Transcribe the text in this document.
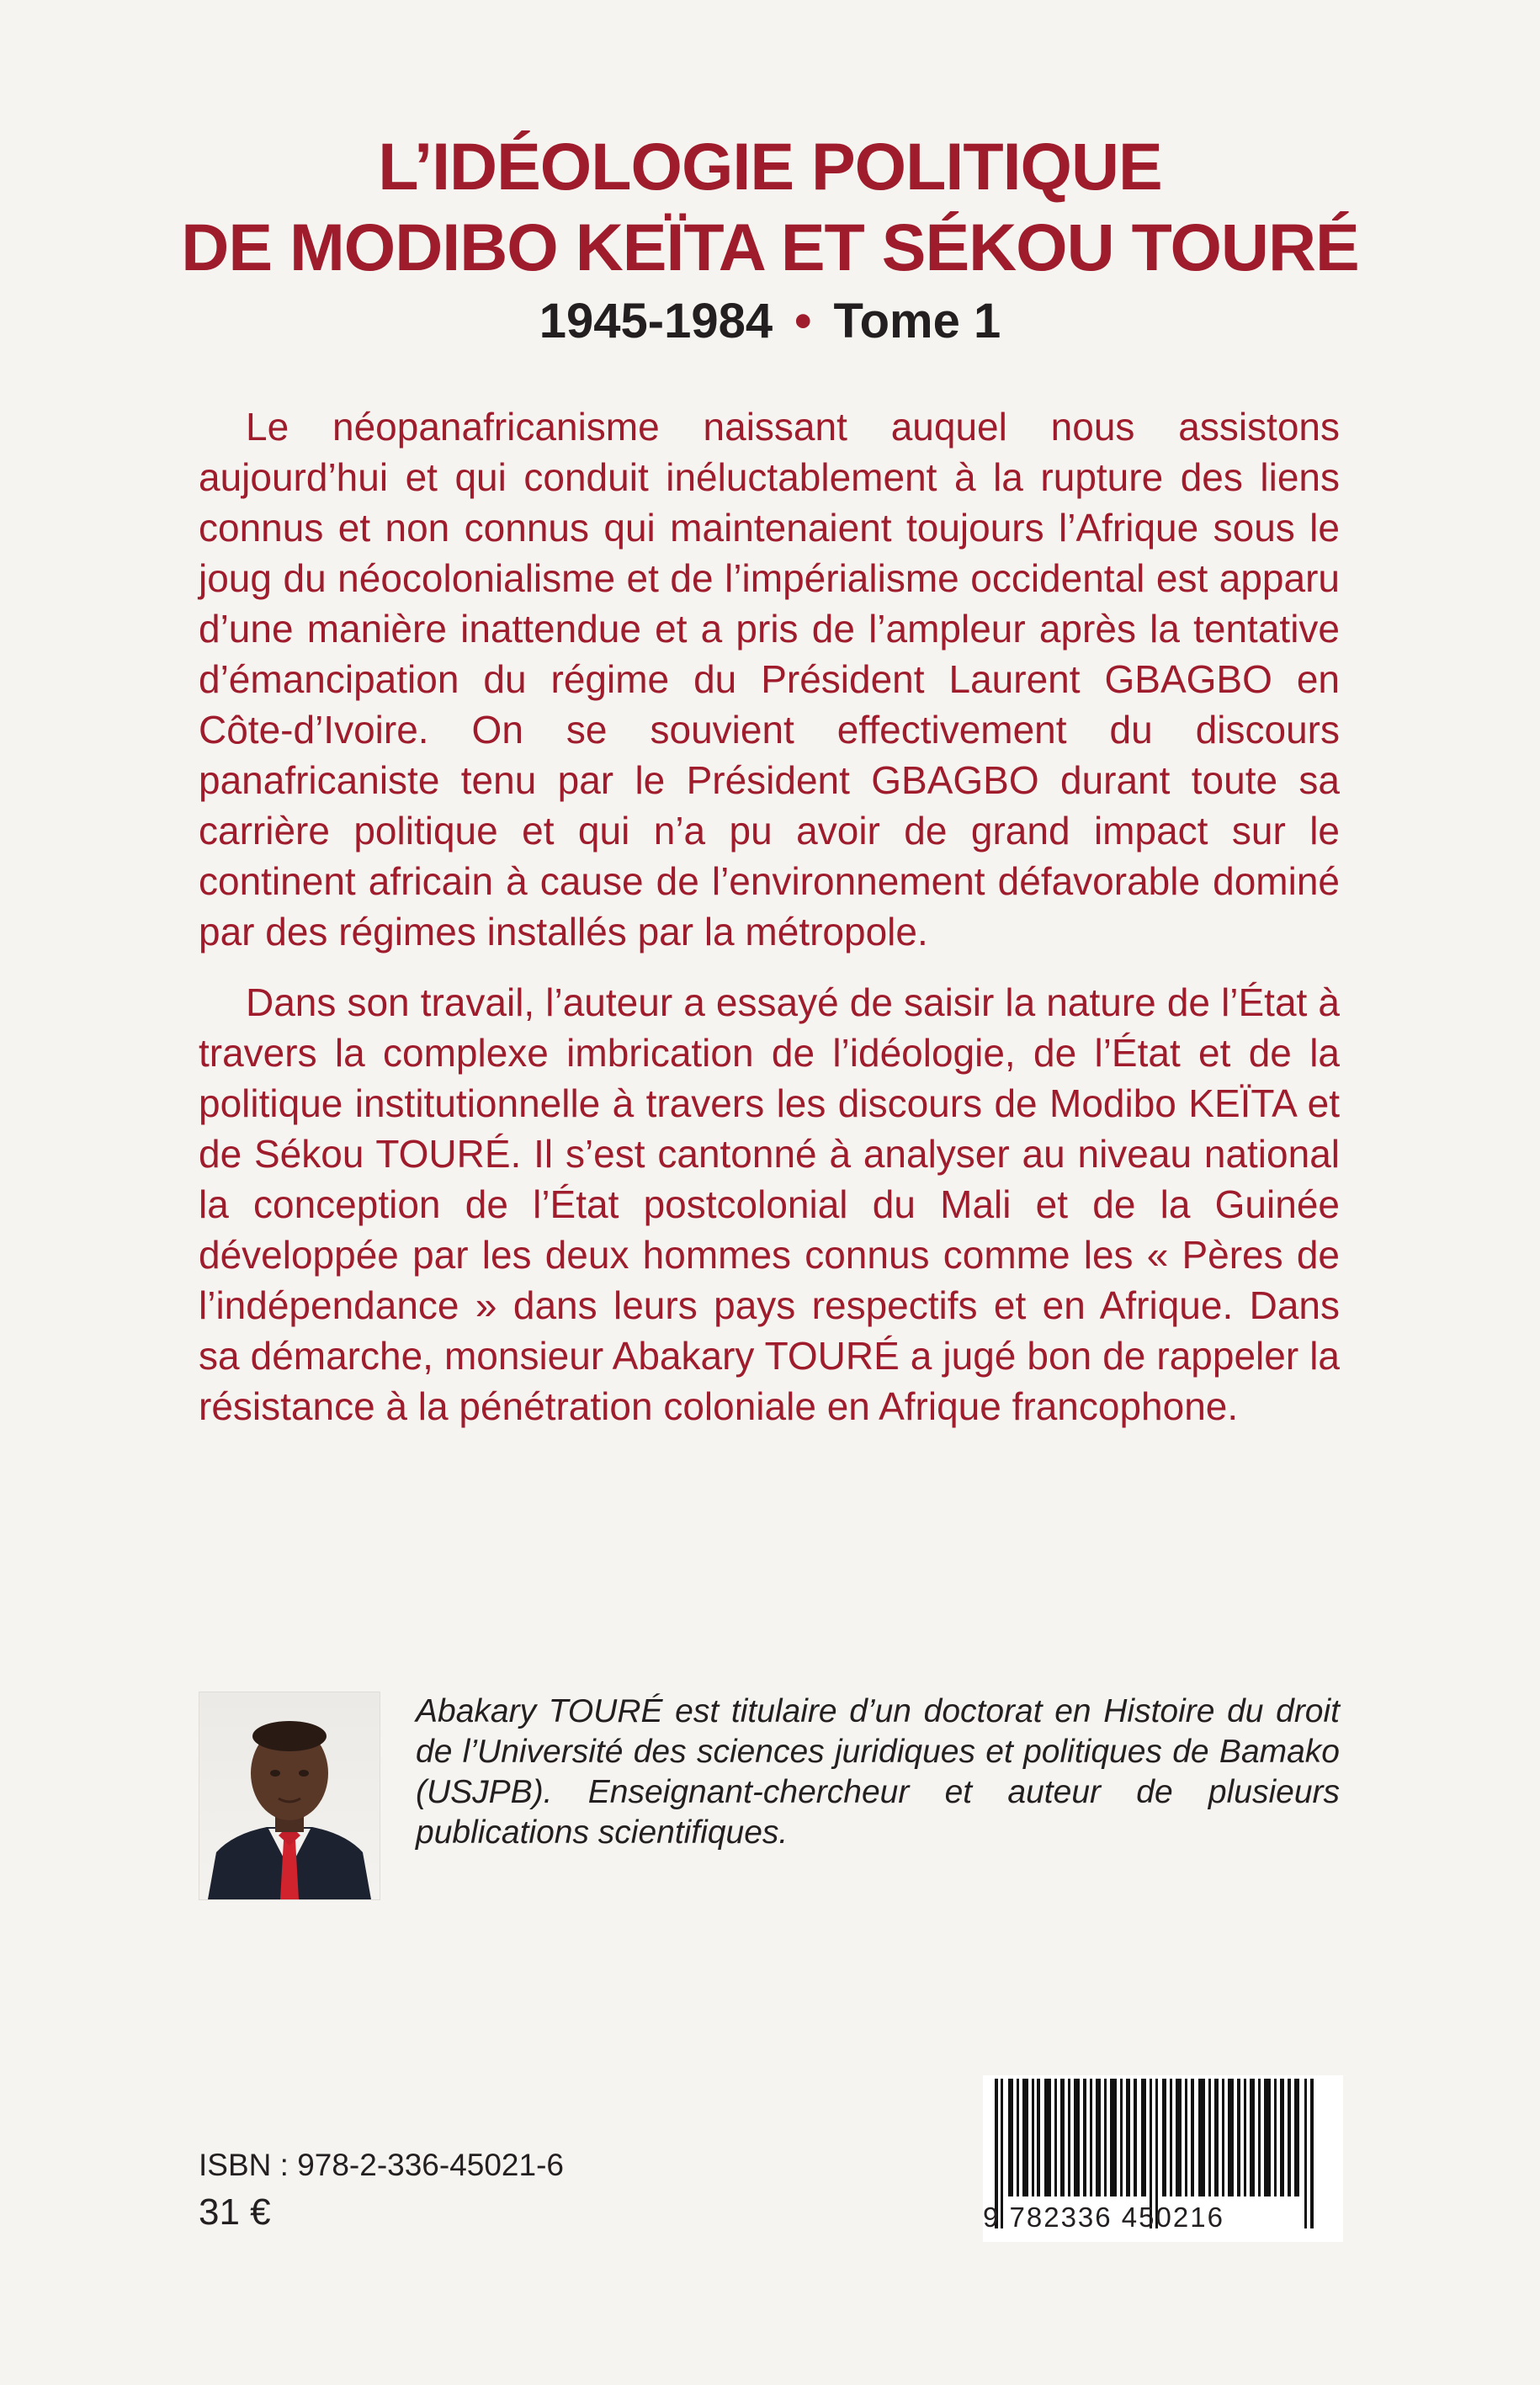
L’IDÉOLOGIE POLITIQUE
DE MODIBO KEÏTA ET SÉKOU TOURÉ
1945-1984 • Tome 1

Le néopanafricanisme naissant auquel nous assistons aujourd’hui et qui conduit inéluctablement à la rupture des liens connus et non connus qui maintenaient toujours l’Afrique sous le joug du néocolonialisme et de l’impérialisme occidental est apparu d’une manière inattendue et a pris de l’ampleur après la tentative d’émancipation du régime du Président Laurent GBAGBO en Côte-d’Ivoire. On se souvient effectivement du discours panafricaniste tenu par le Président GBAGBO durant toute sa carrière politique et qui n’a pu avoir de grand impact sur le continent africain à cause de l’environnement défavorable dominé par des régimes installés par la métropole.

Dans son travail, l’auteur a essayé de saisir la nature de l’État à travers la complexe imbrication de l’idéologie, de l’État et de la politique institutionnelle à travers les discours de Modibo KEÏTA et de Sékou TOURÉ. Il s’est cantonné à analyser au niveau national la conception de l’État postcolonial du Mali et de la Guinée développée par les deux hommes connus comme les « Pères de l’indépendance » dans leurs pays respectifs et en Afrique. Dans sa démarche, monsieur Abakary TOURÉ a jugé bon de rappeler la résistance à la pénétration coloniale en Afrique francophone.

Abakary TOURÉ est titulaire d’un doctorat en Histoire du droit de l’Université des sciences juridiques et politiques de Bamako (USJPB). Enseignant-chercheur et auteur de plusieurs publications scientifiques.
ISBN : 978-2-336-45021-6
31 €	9 782336 450216
